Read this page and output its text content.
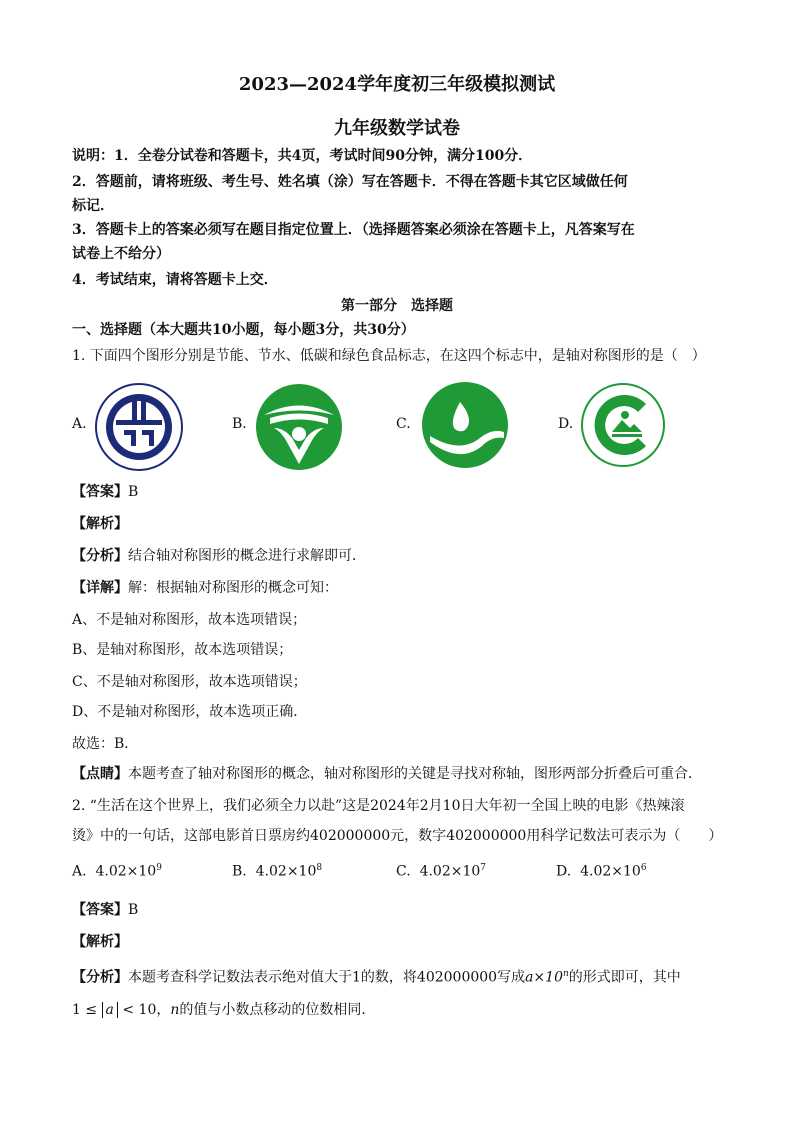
2023—2024学年度初三年级模拟测试
九年级数学试卷
说明：1．全卷分试卷和答题卡，共4页，考试时间90分钟，满分100分．
2．答题前，请将班级、考生号、姓名填（涂）写在答题卡．不得在答题卡其它区域做任何
标记．
3．答题卡上的答案必须写在题目指定位置上．（选择题答案必须涂在答题卡上，凡答案写在
试卷上不给分）
4．考试结束，请将答题卡上交．
第一部分　选择题
一、选择题（本大题共10小题，每小题3分，共30分）
1. 下面四个图形分别是节能、节水、低碳和绿色食品标志，在这四个标志中，是轴对称图形的是（　）
A.	B.	C.	D.
【答案】B
【解析】
【分析】结合轴对称图形的概念进行求解即可．
【详解】解：根据轴对称图形的概念可知：
A、不是轴对称图形，故本选项错误；
B、是轴对称图形，故本选项错误；
C、不是轴对称图形，故本选项错误；
D、不是轴对称图形，故本选项正确．
故选：B．
【点睛】本题考查了轴对称图形的概念，轴对称图形的关键是寻找对称轴，图形两部分折叠后可重合．
2. “生活在这个世界上，我们必须全力以赴”这是2024年2月10日大年初一全国上映的电影《热辣滚
烫》中的一句话，这部电影首日票房约402000000元，数字402000000用科学记数法可表示为（　　）
A. $4.02\times 10^9$	B. $4.02\times 10^8$	C. $4.02\times 10^7$	D. $4.02\times 10^6$
【答案】B
【解析】
【分析】本题考查科学记数法表示绝对值大于1的数，将402000000写成$a\times 10^n$的形式即可，其中
1 ≤ a < 10，n的值与小数点移动的位数相同．
